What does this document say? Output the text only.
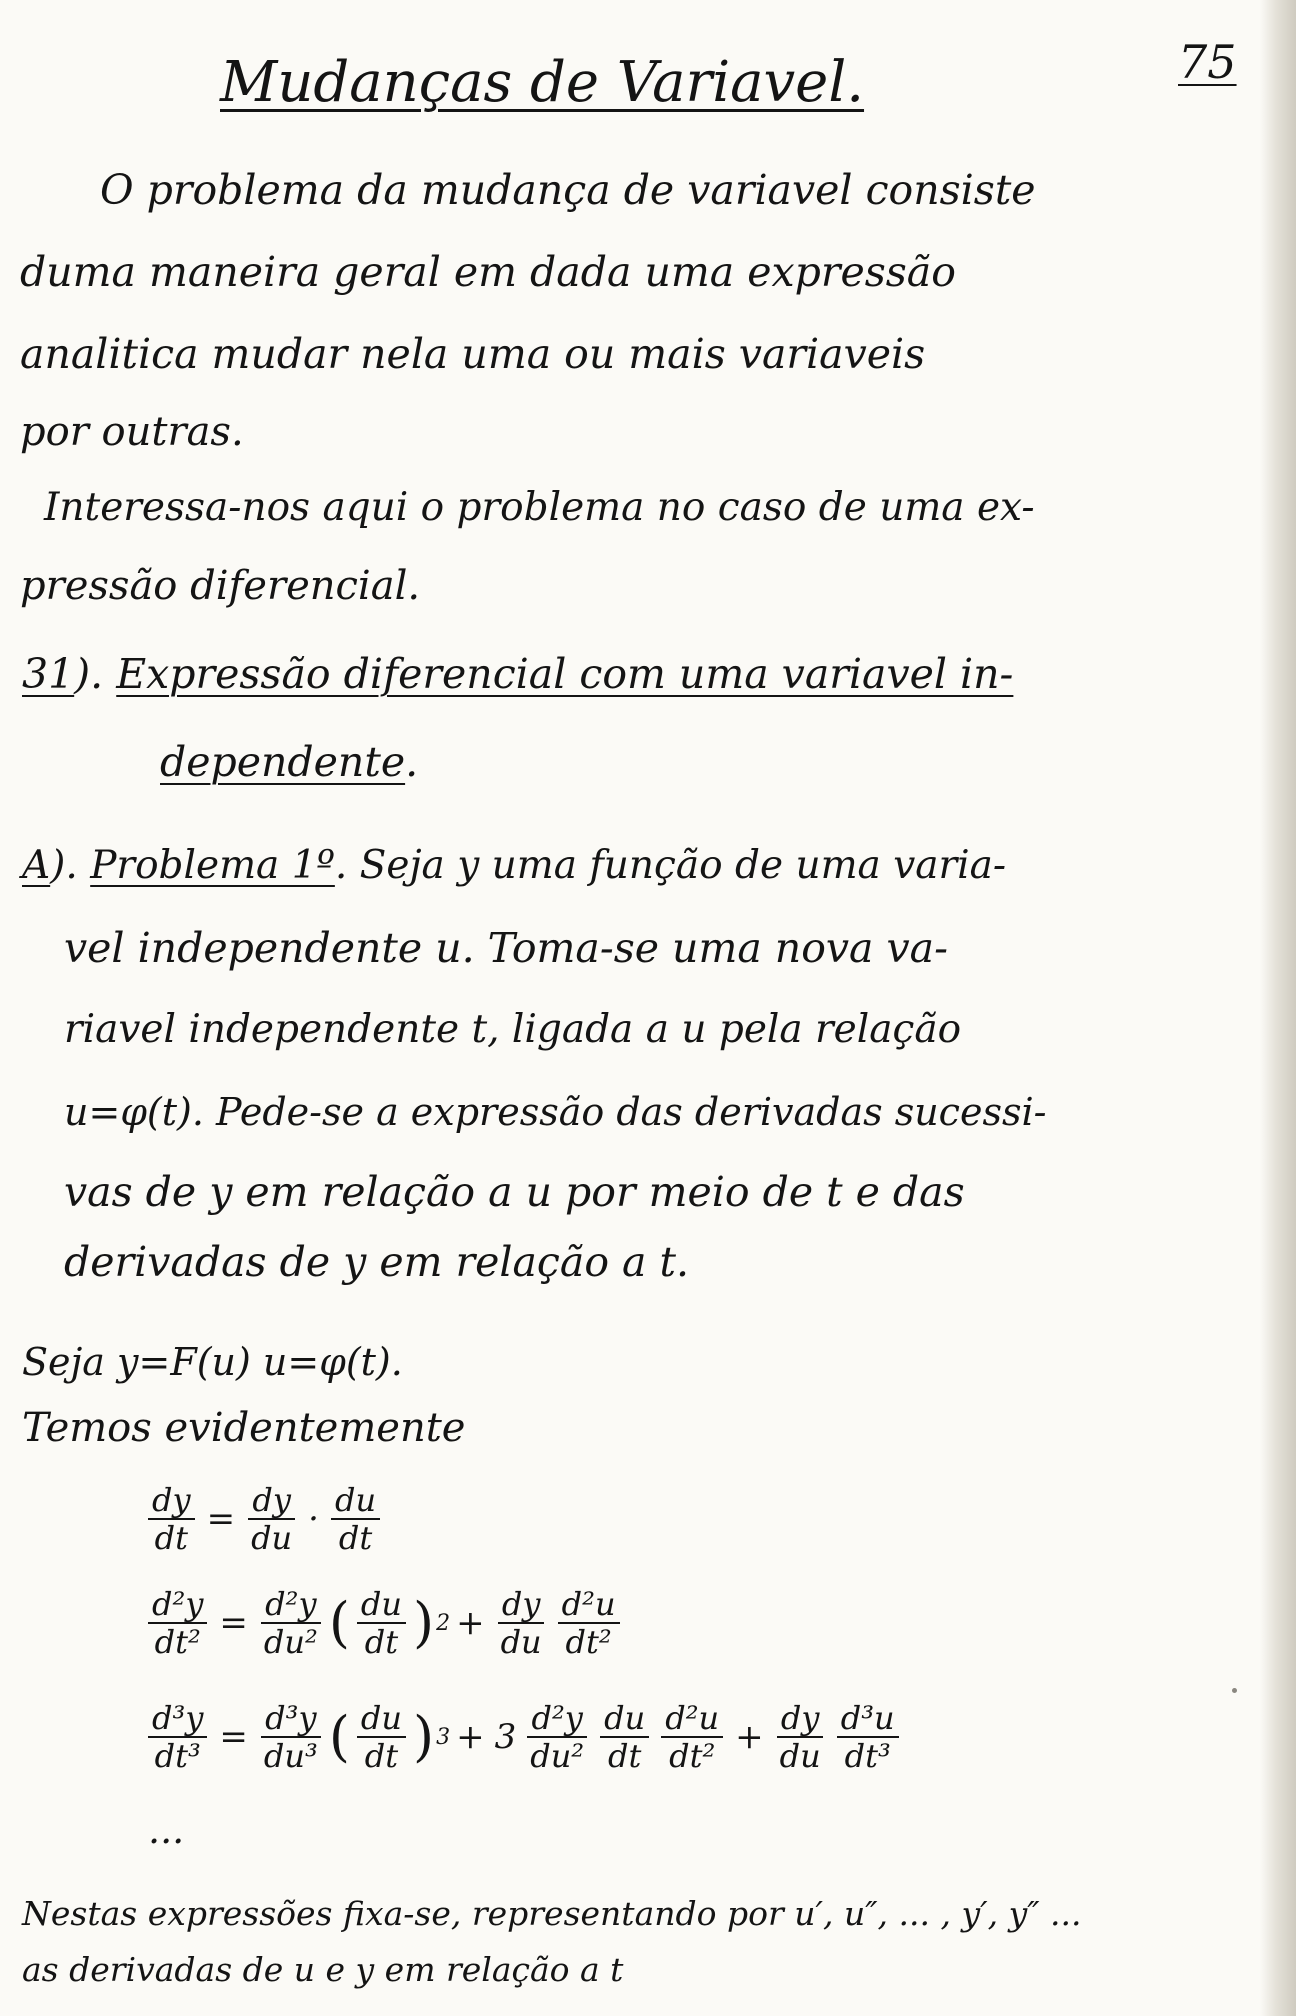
75
Mudanças de Variavel.
O problema da mudança de variavel consiste
duma maneira geral em dada uma expressão
analitica mudar nela uma ou mais variaveis
por outras.
Interessa-nos aqui o problema no caso de uma ex-
pressão diferencial.
31). Expressão diferencial com uma variavel in-
dependente.
A). Problema 1º. Seja y uma função de uma varia-
vel independente u. Toma-se uma nova va-
riavel independente t, ligada a u pela relação
u=φ(t). Pede-se a expressão das derivadas sucessi-
vas de y em relação a u por meio de t e das
derivadas de y em relação a t.
Seja y=F(u) u=φ(t).
Temos evidentemente
$\frac{dy}{dt} = \frac{dy}{du} \cdot \frac{du}{dt}$
$\frac{\text{d²y}}{\text{dt²}} = \frac{\text{d²y}}{\text{du²}}$ ( $\frac{du}{dt}$ ) $2 + \frac{dy}{du} \frac{\text{d²u}}{\text{dt²}}$
$\frac{\text{d³y}}{\text{dt³}} = \frac{\text{d³y}}{\text{du³}}$ ( $\frac{du}{dt}$ ) $3 + 3 \frac{\text{d²y}}{\text{du²}} \frac{du}{dt} \frac{\text{d²u}}{\text{dt²}} + \frac{dy}{du} \frac{\text{d³u}}{\text{dt³}}$
...
Nestas expressões fixa-se, representando por u′, u″, ... , y′, y″ ...
as derivadas de u e y em relação a t
